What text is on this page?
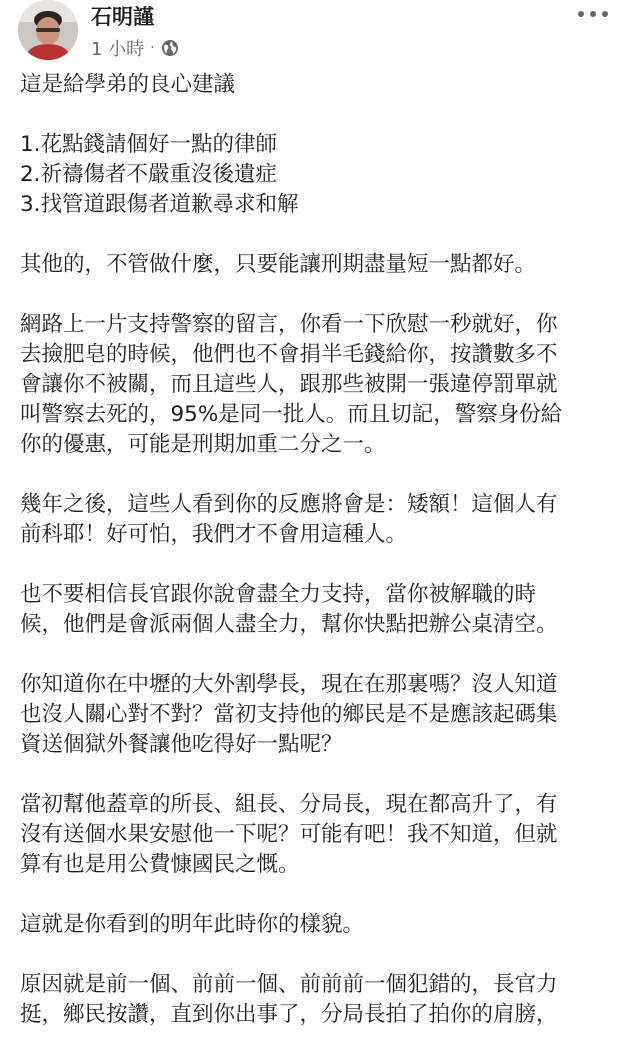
石明謹
1 小時 ·
這是給學弟的良心建議
1.花點錢請個好一點的律師
2.祈禱傷者不嚴重沒後遺症
3.找管道跟傷者道歉尋求和解
其他的，不管做什麼，只要能讓刑期盡量短一點都好。
網路上一片支持警察的留言，你看一下欣慰一秒就好，你
去撿肥皂的時候，他們也不會捐半毛錢給你，按讚數多不
會讓你不被關，而且這些人，跟那些被開一張違停罰單就
叫警察去死的，95%是同一批人。而且切記，警察身份給
你的優惠，可能是刑期加重二分之一。
幾年之後，這些人看到你的反應將會是：矮額！這個人有
前科耶！好可怕，我們才不會用這種人。
也不要相信長官跟你說會盡全力支持，當你被解職的時
候，他們是會派兩個人盡全力，幫你快點把辦公桌清空。
你知道你在中壢的大外割學長，現在在那裏嗎？沒人知道
也沒人關心對不對？當初支持他的鄉民是不是應該起碼集
資送個獄外餐讓他吃得好一點呢？
當初幫他蓋章的所長、組長、分局長，現在都高升了，有
沒有送個水果安慰他一下呢？可能有吧！我不知道，但就
算有也是用公費慷國民之慨。
這就是你看到的明年此時你的樣貌。
原因就是前一個、前前一個、前前前一個犯錯的，長官力
挺，鄉民按讚，直到你出事了，分局長拍了拍你的肩膀，
